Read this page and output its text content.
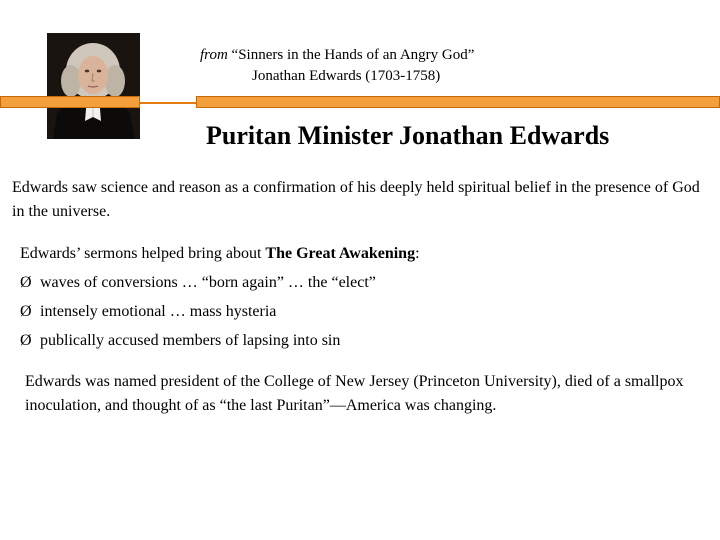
from “Sinners in the Hands of an Angry God”
Jonathan Edwards (1703-1758)
Puritan Minister Jonathan Edwards
Edwards saw science and reason as a confirmation of his deeply held spiritual belief in the presence of God in the universe.
Edwards’ sermons helped bring about The Great Awakening:
Ø waves of conversions … “born again” … the “elect”
Ø intensely emotional … mass hysteria
Ø publically accused members of lapsing into sin
Edwards was named president of the College of New Jersey (Princeton University), died of a smallpox inoculation, and thought of as “the last Puritan”—America was changing.
